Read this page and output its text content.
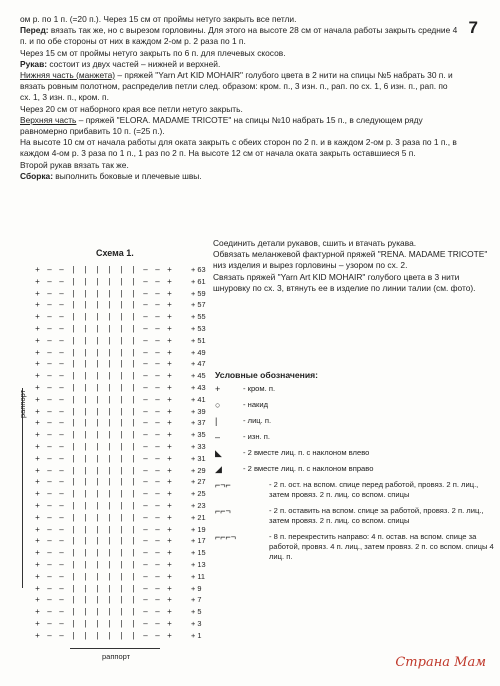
7

ом р. по 1 п. (=20 п.). Через 15 см от проймы нетуго закрыть все петли.

Перед: вязать так же, но с вырезом горловины. Для этого на высоте 28 см от начала работы закрыть средние 4 п. и по обе стороны от них в каждом 2-ом р. 2 раза по 1 п.

Через 15 см от проймы нетуго закрыть по 6 п. для плечевых скосов.

Рукав: состоит из двух частей – нижней и верхней.

Нижняя часть (манжета) – пряжей "Yarn Art KID MOHAIR" голубого цвета в 2 нити на спицы №5 набрать 30 п. и вязать ровным полотном, распределив петли след. образом: кром. п., 3 изн. п., рап. по сх. 1, 6 изн. п., рап. по сх. 1, 3 изн. п., кром. п.

Через 20 см от наборного края все петли нетуго закрыть.

Верхняя часть – пряжей "ELORA. MADAME TRICOTE" на спицы №10 набрать 15 п., в следующем ряду равномерно прибавить 10 п. (=25 п.).

На высоте 10 см от начала работы для оката закрыть с обеих сторон по 2 п. и в каждом 2-ом р. 3 раза по 1 п., в каждом 4-ом р. 3 раза по 1 п., 1 раз по 2 п. На высоте 12 см от начала оката закрыть оставшиеся 5 п.

Второй рукав вязать так же.

Сборка: выполнить боковые и плечевые швы.

Соединить детали рукавов, сшить и втачать рукава.

Обвязать меланжевой фактурной пряжей "RENA. MADAME TRICOTE" низ изделия и вырез горловины – узором по сх. 2.

Связать пряжей "Yarn Art KID MOHAIR" голубого цвета в 3 нити шнуровку по сх. 3, втянуть ее в изделие по линии талии (см. фото).

Схема 1.
+ – –	|	|	|	|	|	|	– – +	+ 63
+ – –	|	|	|	|	|	|	– – +	+ 61
+ – –	|	|	|	|	|	|	– – +	+ 59
+ – –	|	|	|	|	|	|	– – +	+ 57
+ – –	|	|	|	|	|	|	– – +	+ 55
+ – –	|	|	|	|	|	|	– – +	+ 53
+ – –	|	|	|	|	|	|	– – +	+ 51
+ – –	|	|	|	|	|	|	– – +	+ 49
+ – –	|	|	|	|	|	|	– – +	+ 47
+ – –	|	|	|	|	|	|	– – +	+ 45
+ – –	|	|	|	|	|	|	– – +	+ 43
+ – –	|	|	|	|	|	|	– – +	+ 41
+ – –	|	|	|	|	|	|	– – +	+ 39
+ – –	|	|	|	|	|	|	– – +	+ 37
+ – –	|	|	|	|	|	|	– – +	+ 35
+ – –	|	|	|	|	|	|	– – +	+ 33
+ – –	|	|	|	|	|	|	– – +	+ 31
+ – –	|	|	|	|	|	|	– – +	+ 29
+ – –	|	|	|	|	|	|	– – +	+ 27
+ – –	|	|	|	|	|	|	– – +	+ 25
+ – –	|	|	|	|	|	|	– – +	+ 23
+ – –	|	|	|	|	|	|	– – +	+ 21
+ – –	|	|	|	|	|	|	– – +	+ 19
+ – –	|	|	|	|	|	|	– – +	+ 17
+ – –	|	|	|	|	|	|	– – +	+ 15
+ – –	|	|	|	|	|	|	– – +	+ 13
+ – –	|	|	|	|	|	|	– – +	+ 11
+ – –	|	|	|	|	|	|	– – +	+ 9
+ – –	|	|	|	|	|	|	– – +	+ 7
+ – –	|	|	|	|	|	|	– – +	+ 5
+ – –	|	|	|	|	|	|	– – +	+ 3
+ – –	|	|	|	|	|	|	– – +	+ 1
раппорт
раппорт
Условные обозначения:
+	- кром. п.
○	- накид
|	- лиц. п.
–	- изн. п.
◣	- 2 вместе лиц. п. с наклоном влево
◢	- 2 вместе лиц. п. с наклоном вправо
⌐¬⌐	- 2 п. ост. на вспом. спице перед работой, провяз. 2 п. лиц., затем провяз. 2 п. лиц. со вспом. спицы
⌐⌐¬	- 2 п. оставить на вспом. спице за работой, провяз. 2 п. лиц., затем провяз. 2 п. лиц. со вспом. спицы
⌐⌐⌐¬	- 8 п. перекрестить направо: 4 п. остав. на вспом. спице за работой, провяз. 4 п. лиц., затем провяз. 2 п. со вспом. спицы 4 лиц. п.
Страна Мам
